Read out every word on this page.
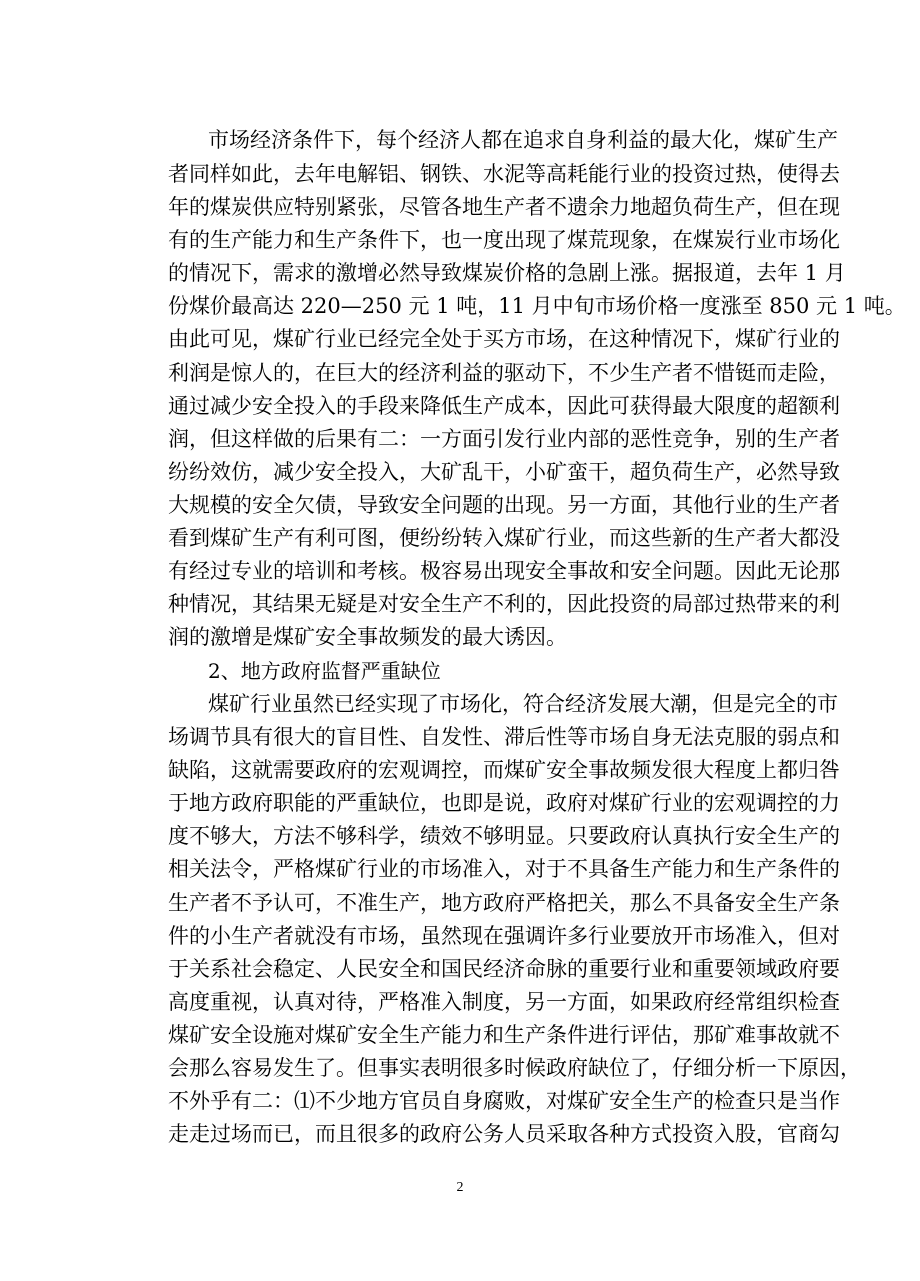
市场经济条件下，每个经济人都在追求自身利益的最大化，煤矿生产
者同样如此，去年电解铝、钢铁、水泥等高耗能行业的投资过热，使得去
年的煤炭供应特别紧张，尽管各地生产者不遗余力地超负荷生产，但在现
有的生产能力和生产条件下，也一度出现了煤荒现象，在煤炭行业市场化
的情况下，需求的激增必然导致煤炭价格的急剧上涨。据报道，去年 1 月
份煤价最高达 220—250 元 1 吨，11 月中旬市场价格一度涨至 850 元 1 吨。
由此可见，煤矿行业已经完全处于买方市场，在这种情况下，煤矿行业的
利润是惊人的，在巨大的经济利益的驱动下，不少生产者不惜铤而走险，
通过减少安全投入的手段来降低生产成本，因此可获得最大限度的超额利
润，但这样做的后果有二：一方面引发行业内部的恶性竞争，别的生产者
纷纷效仿，减少安全投入，大矿乱干，小矿蛮干，超负荷生产，必然导致
大规模的安全欠债，导致安全问题的出现。另一方面，其他行业的生产者
看到煤矿生产有利可图，便纷纷转入煤矿行业，而这些新的生产者大都没
有经过专业的培训和考核。极容易出现安全事故和安全问题。因此无论那
种情况，其结果无疑是对安全生产不利的，因此投资的局部过热带来的利
润的激增是煤矿安全事故频发的最大诱因。
2、地方政府监督严重缺位
煤矿行业虽然已经实现了市场化，符合经济发展大潮，但是完全的市
场调节具有很大的盲目性、自发性、滞后性等市场自身无法克服的弱点和
缺陷，这就需要政府的宏观调控，而煤矿安全事故频发很大程度上都归咎
于地方政府职能的严重缺位，也即是说，政府对煤矿行业的宏观调控的力
度不够大，方法不够科学，绩效不够明显。只要政府认真执行安全生产的
相关法令，严格煤矿行业的市场准入，对于不具备生产能力和生产条件的
生产者不予认可，不准生产，地方政府严格把关，那么不具备安全生产条
件的小生产者就没有市场，虽然现在强调许多行业要放开市场准入，但对
于关系社会稳定、人民安全和国民经济命脉的重要行业和重要领域政府要
高度重视，认真对待，严格准入制度，另一方面，如果政府经常组织检查
煤矿安全设施对煤矿安全生产能力和生产条件进行评估，那矿难事故就不
会那么容易发生了。但事实表明很多时候政府缺位了，仔细分析一下原因，
不外乎有二：⑴不少地方官员自身腐败，对煤矿安全生产的检查只是当作
走走过场而已，而且很多的政府公务人员采取各种方式投资入股，官商勾
2
